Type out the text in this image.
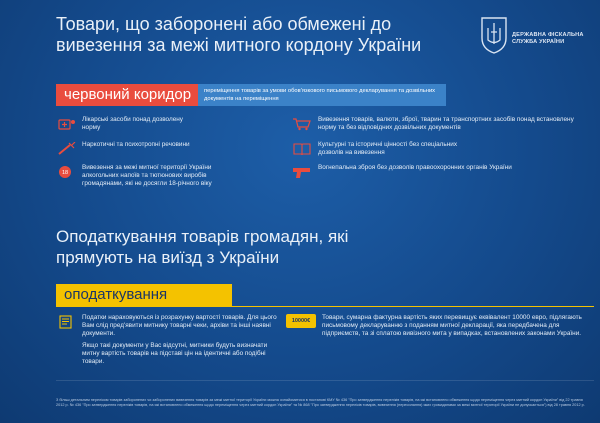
Товари, що заборонені або обмежені до вивезення за межі митного кордону України	ДЕРЖАВНА ФІСКАЛЬНА СЛУЖБА УКРАЇНИ
червоний коридор	переміщення товарів за умови обов'язкового письмового декларування та дозвільних документів на переміщення
Лікарські засоби понад дозволену норму
Наркотичні та психотропні речовини
18
Вивезення за межі митної території України алкогольних напоїв та тютюнових виробів громадянами, які не досягли 18-річного віку
Вивезення товарів, валюти, зброї, тварин та транспортних засобів понад встановлену норму та без відповідних дозвільних документів
Культурні та історичні цінності без спеціальних дозволів на вивезення
Вогнепальна зброя без дозволів правоохоронних органів України
Оподаткування товарів громадян, які прямують на виїзд з України
оподаткування
Податки нараховуються із розрахунку вартості товарів. Для цього Вам слід пред'явити митнику товарні чеки, архіви та інші наявні документи.
Якщо такі документи у Вас відсутні, митники будуть визначати митну вартість товарів на підставі цін на ідентичні або подібні товари.
10000€	Товари, сумарна фактурна вартість яких перевищує еквівалент 10000 евро, підлягають письмовому декларуванню з поданням митної декларації, яка передбачена для підприємств, та зі сплатою вивізного мита у випадках, встановлених законами України.
З більш детальним переліком товарів заборонених чи заборонених вивезення товарів за межі митної території України можна ознайомитися в постанові КМУ № 436 "Про затвердження переліків товарів, на які встановлено обмеження щодо переміщення через митний кордон України" від 22 травня 2012 р. № 436 "Про затвердження переліків товарів, на які встановлено обмеження щодо переміщення через митний кордон України" та № 868 "Про затвердження переліків товарів, вивезення (пересилання) яких громадянами за межі митної території України не допускається") від 28 травня 2012 р.
